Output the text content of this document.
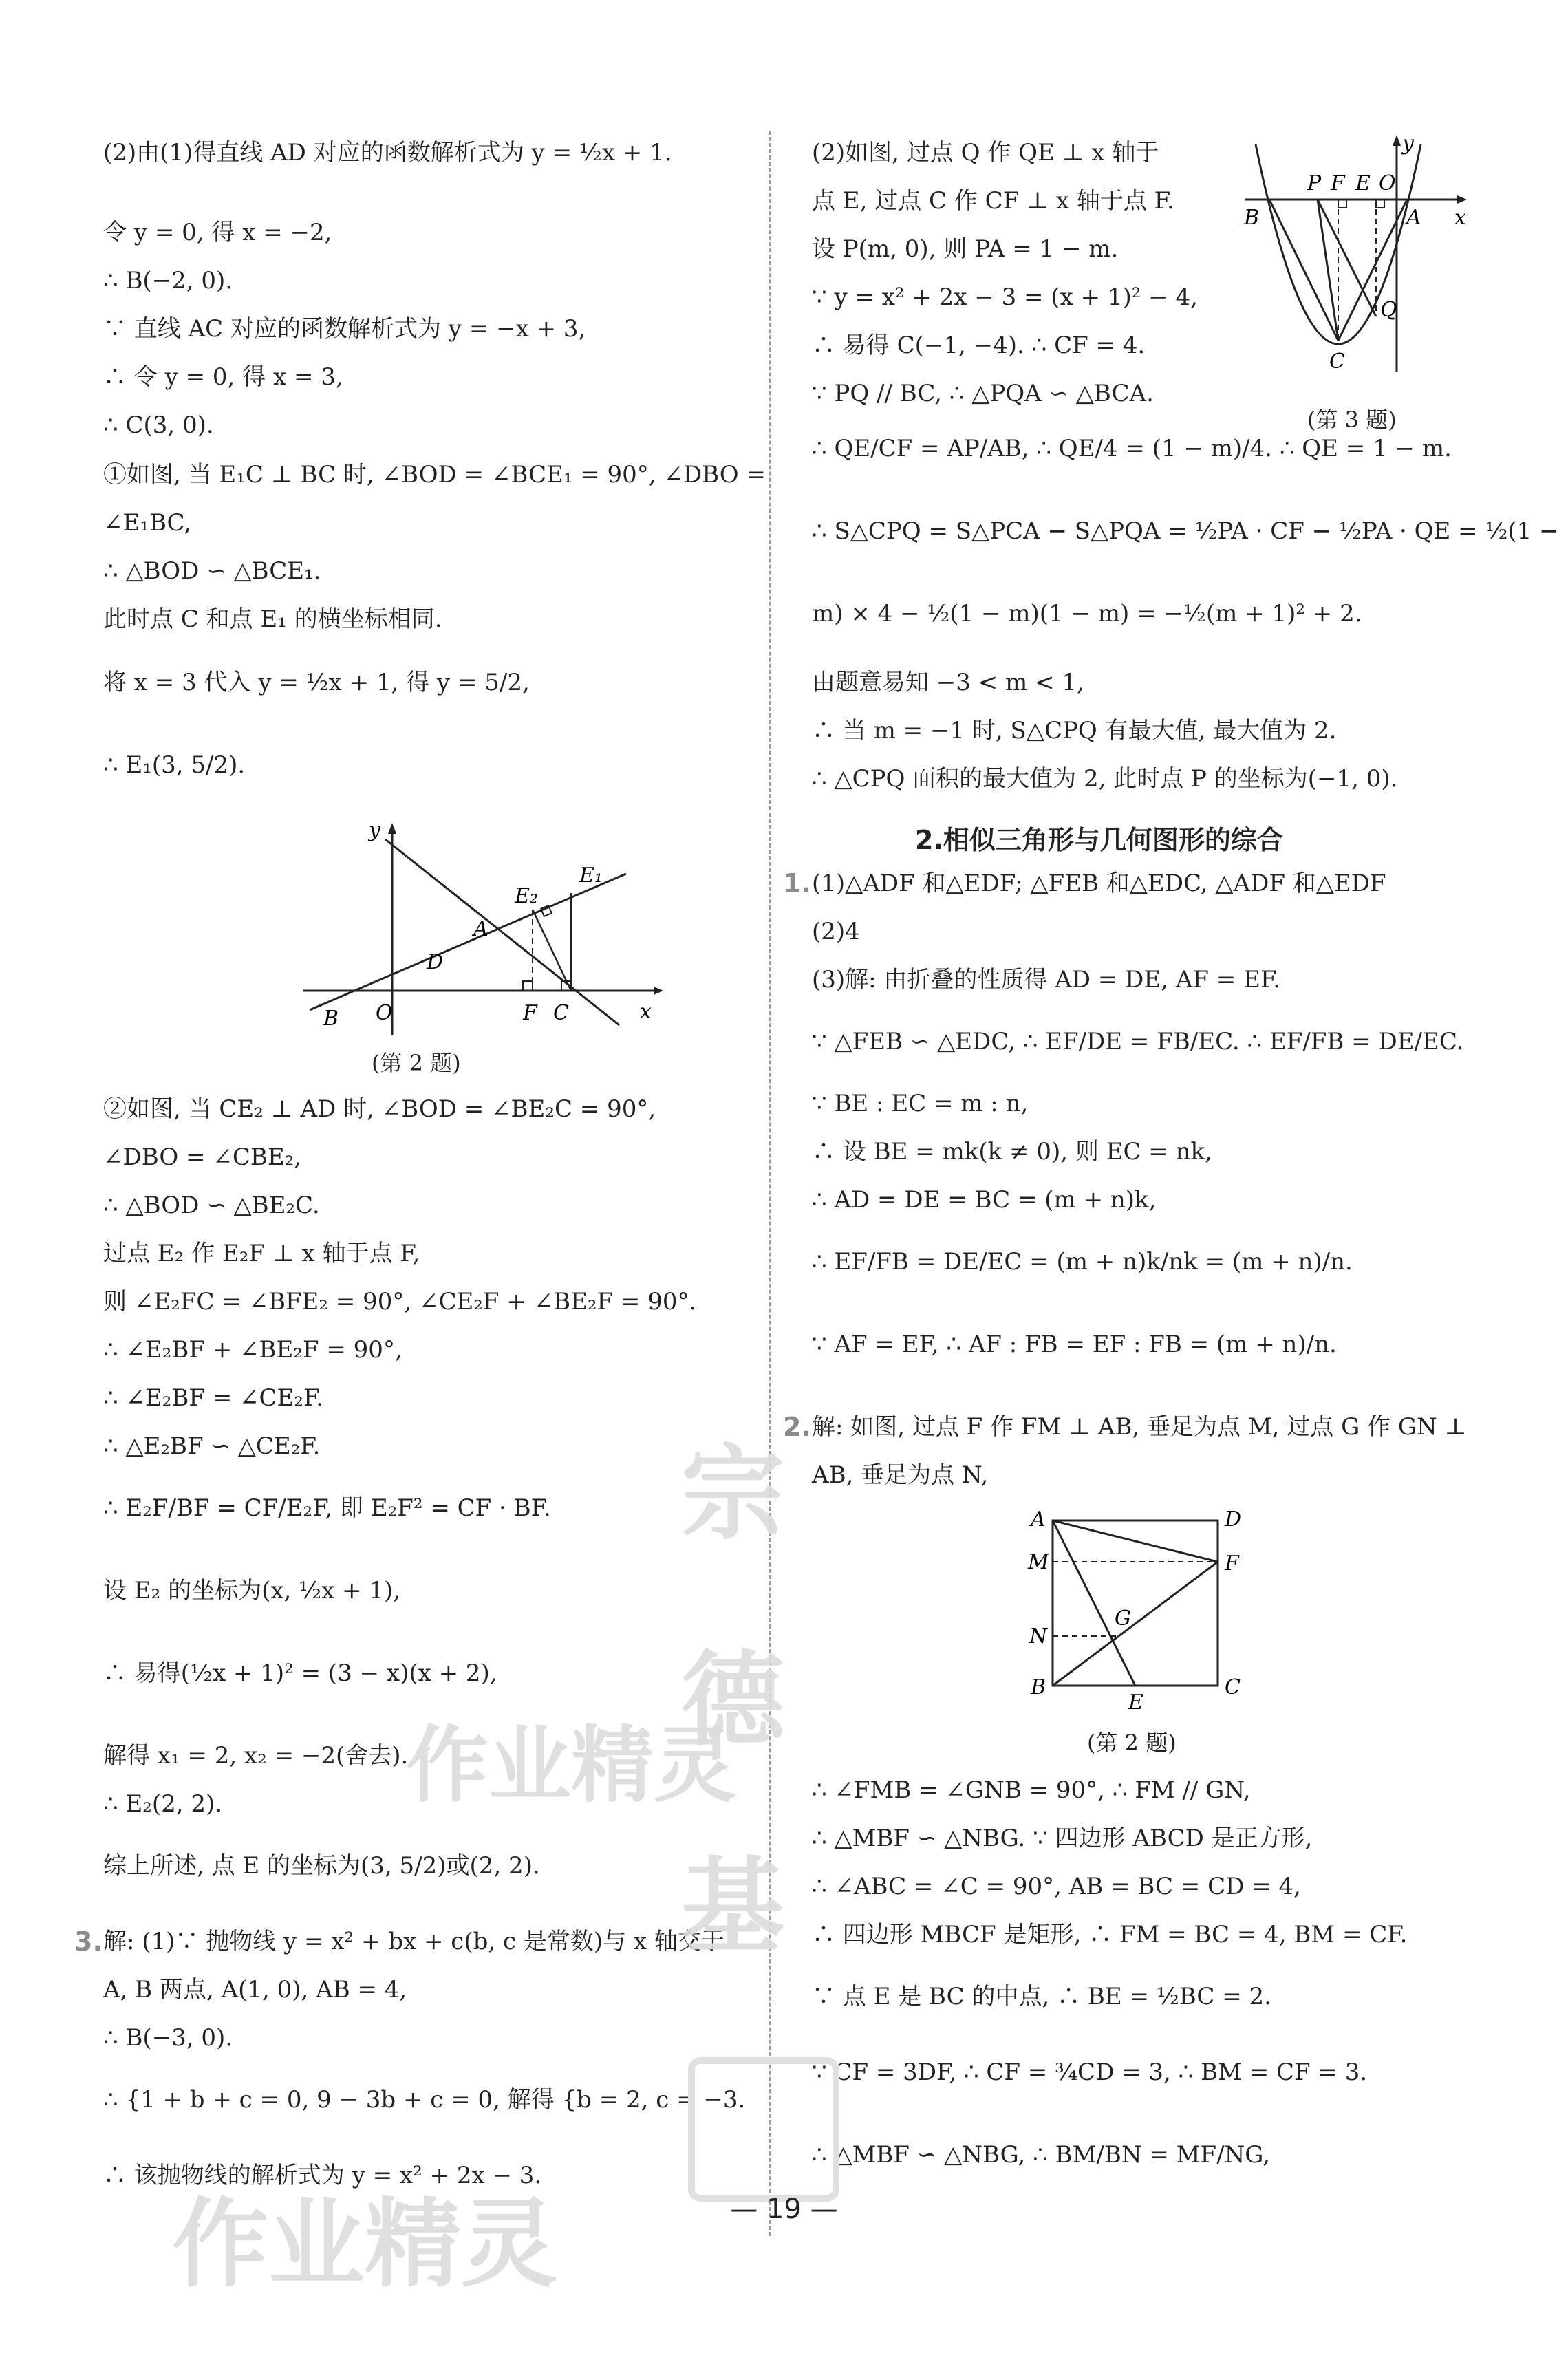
(2)由(1)得直线 AD 对应的函数解析式为 y = ½x + 1.
令 y = 0, 得 x = −2,
∴ B(−2, 0).
∵ 直线 AC 对应的函数解析式为 y = −x + 3,
∴ 令 y = 0, 得 x = 3,
∴ C(3, 0).
①如图, 当 E₁C ⊥ BC 时, ∠BOD = ∠BCE₁ = 90°, ∠DBO =
∠E₁BC,
∴ △BOD ∽ △BCE₁.
此时点 C 和点 E₁ 的横坐标相同.
将 x = 3 代入 y = ½x + 1, 得 y = 5/2,
∴ E₁(3, 5/2).
y
x
E₁
E₂
A
D
B O	F C
(第 2 题)
②如图, 当 CE₂ ⊥ AD 时, ∠BOD = ∠BE₂C = 90°,
∠DBO = ∠CBE₂,
∴ △BOD ∽ △BE₂C.
过点 E₂ 作 E₂F ⊥ x 轴于点 F,
则 ∠E₂FC = ∠BFE₂ = 90°, ∠CE₂F + ∠BE₂F = 90°.
∴ ∠E₂BF + ∠BE₂F = 90°,
∴ ∠E₂BF = ∠CE₂F.
∴ △E₂BF ∽ △CE₂F.
∴ E₂F/BF = CF/E₂F, 即 E₂F² = CF · BF.
设 E₂ 的坐标为(x, ½x + 1),
∴ 易得(½x + 1)² = (3 − x)(x + 2),
解得 x₁ = 2, x₂ = −2(舍去).
∴ E₂(2, 2).
综上所述, 点 E 的坐标为(3, 5/2)或(2, 2).
3. 解: (1)∵ 抛物线 y = x² + bx + c(b, c 是常数)与 x 轴交于
A, B 两点, A(1, 0), AB = 4,
∴ B(−3, 0).
∴ {1 + b + c = 0, 9 − 3b + c = 0, 解得 {b = 2, c = −3.
∴ 该抛物线的解析式为 y = x² + 2x − 3.
(2)如图, 过点 Q 作 QE ⊥ x 轴于
点 E, 过点 C 作 CF ⊥ x 轴于点 F.
设 P(m, 0), 则 PA = 1 − m.
∵ y = x² + 2x − 3 = (x + 1)² − 4,
∴ 易得 C(−1, −4). ∴ CF = 4.
∵ PQ // BC, ∴ △PQA ∽ △BCA.
y
x
P F E O
B	A
Q
C
(第 3 题)
∴ QE/CF = AP/AB, ∴ QE/4 = (1 − m)/4. ∴ QE = 1 − m.
∴ S△CPQ = S△PCA − S△PQA = ½PA · CF − ½PA · QE = ½(1 −
m) × 4 − ½(1 − m)(1 − m) = −½(m + 1)² + 2.
由题意易知 −3 < m < 1,
∴ 当 m = −1 时, S△CPQ 有最大值, 最大值为 2.
∴ △CPQ 面积的最大值为 2, 此时点 P 的坐标为(−1, 0).
2.相似三角形与几何图形的综合
1. (1)△ADF 和△EDF; △FEB 和△EDC, △ADF 和△EDF
(2)4
(3)解: 由折叠的性质得 AD = DE, AF = EF.
∵ △FEB ∽ △EDC, ∴ EF/DE = FB/EC. ∴ EF/FB = DE/EC.
∵ BE : EC = m : n,
∴ 设 BE = mk(k ≠ 0), 则 EC = nk,
∴ AD = DE = BC = (m + n)k,
∴ EF/FB = DE/EC = (m + n)k/nk = (m + n)/n.
∵ AF = EF, ∴ AF : FB = EF : FB = (m + n)/n.
2. 解: 如图, 过点 F 作 FM ⊥ AB, 垂足为点 M, 过点 G 作 GN ⊥
AB, 垂足为点 N,
A	D
M	F
G
N
B
E
C
(第 2 题)
∴ ∠FMB = ∠GNB = 90°, ∴ FM // GN,
∴ △MBF ∽ △NBG. ∵ 四边形 ABCD 是正方形,
∴ ∠ABC = ∠C = 90°, AB = BC = CD = 4,
∴ 四边形 MBCF 是矩形, ∴ FM = BC = 4, BM = CF.
∵ 点 E 是 BC 的中点, ∴ BE = ½BC = 2.
∵ CF = 3DF, ∴ CF = ¾CD = 3, ∴ BM = CF = 3.
∴ △MBF ∽ △NBG, ∴ BM/BN = MF/NG,
作业精灵
作业精灵
宗
德
基
— 19 —
